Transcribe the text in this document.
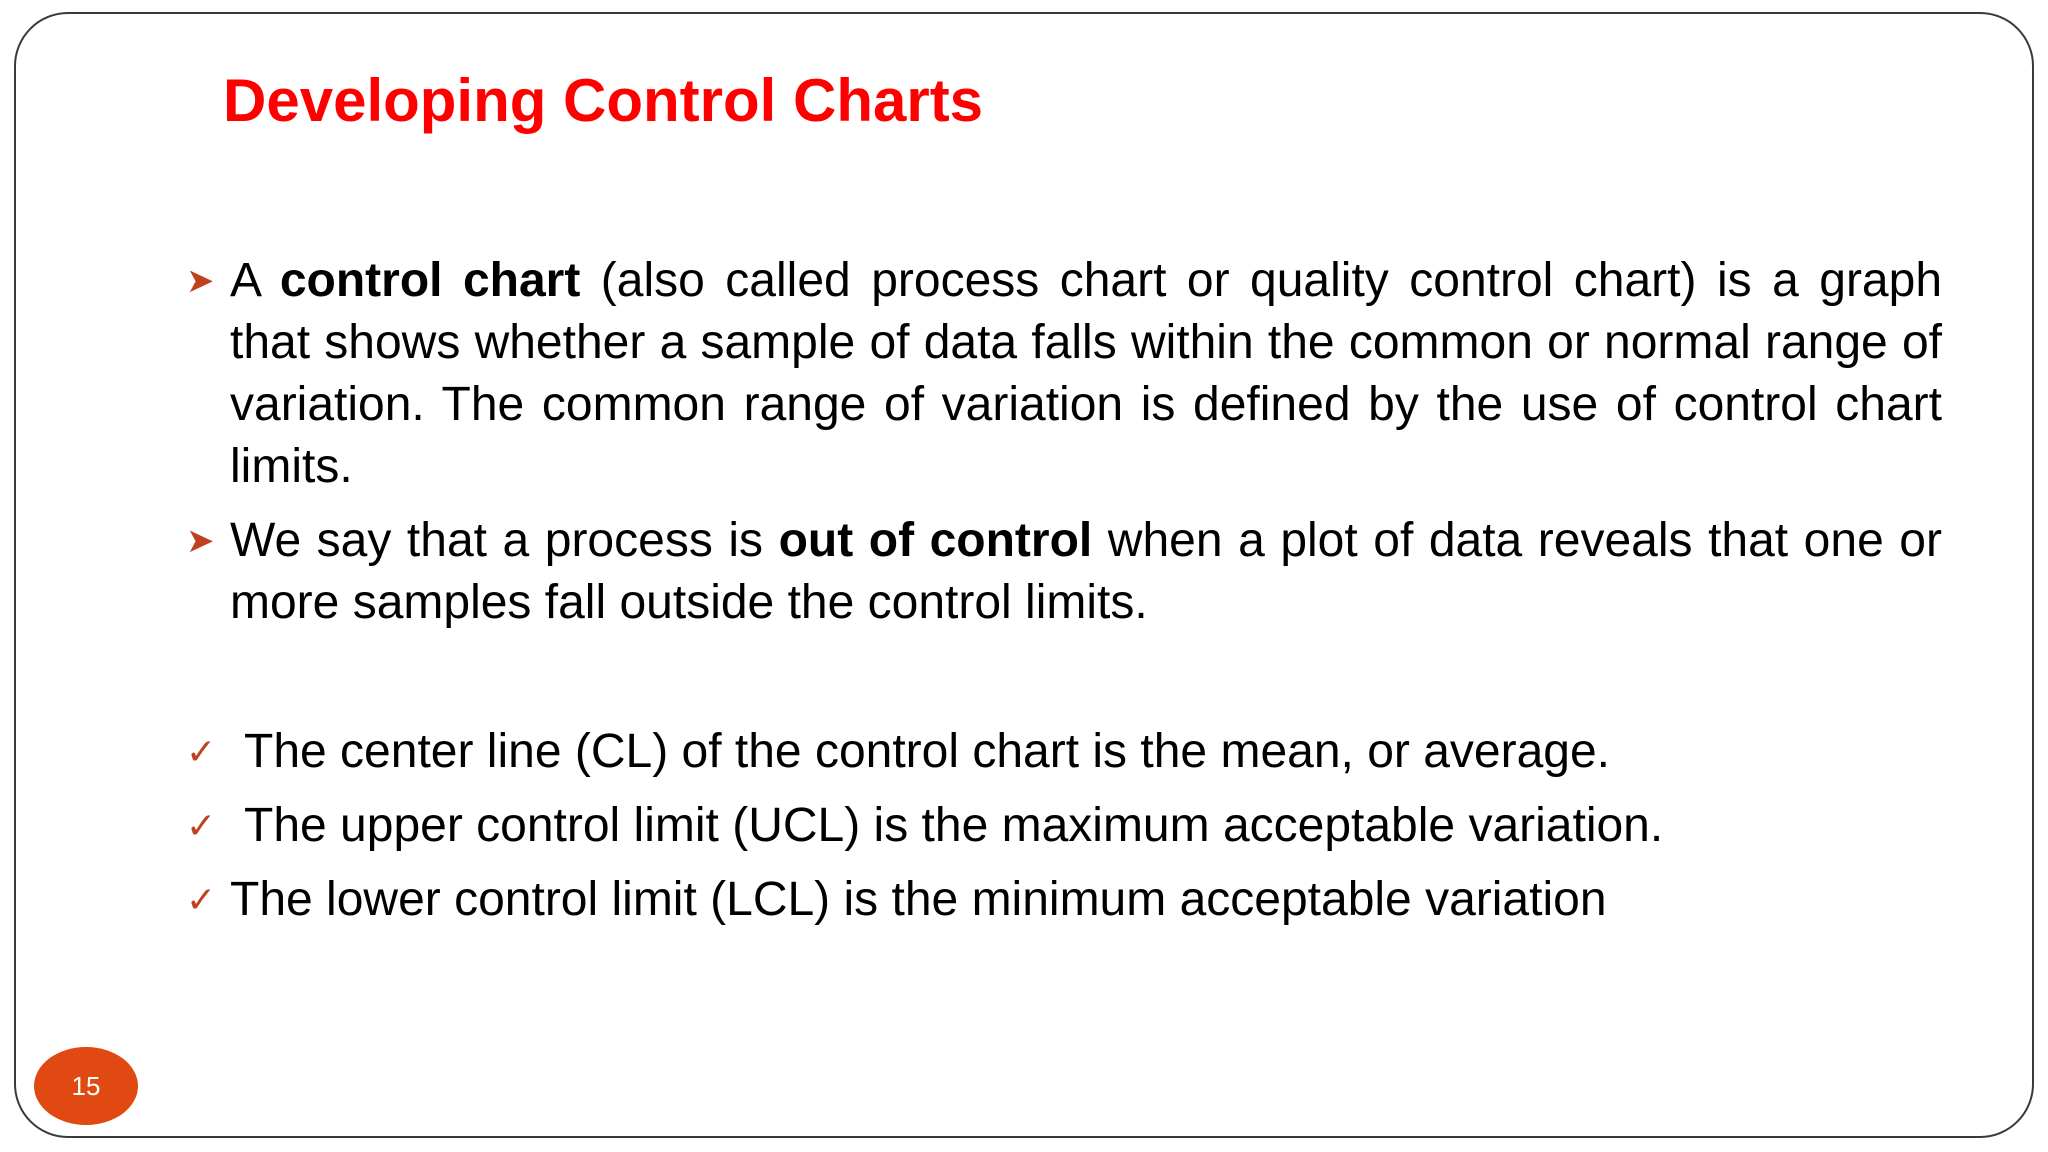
Developing Control Charts
➤ A control chart (also called process chart or quality control chart) is a graph that shows whether a sample of data falls within the common or normal range of variation. The common range of variation is defined by the use of control chart limits.
➤ We say that a process is out of control when a plot of data reveals that one or more samples fall outside the control limits.
✓ The center line (CL) of the control chart is the mean, or average.
✓ The upper control limit (UCL) is the maximum acceptable variation.
✓ The lower control limit (LCL) is the minimum acceptable variation
15
